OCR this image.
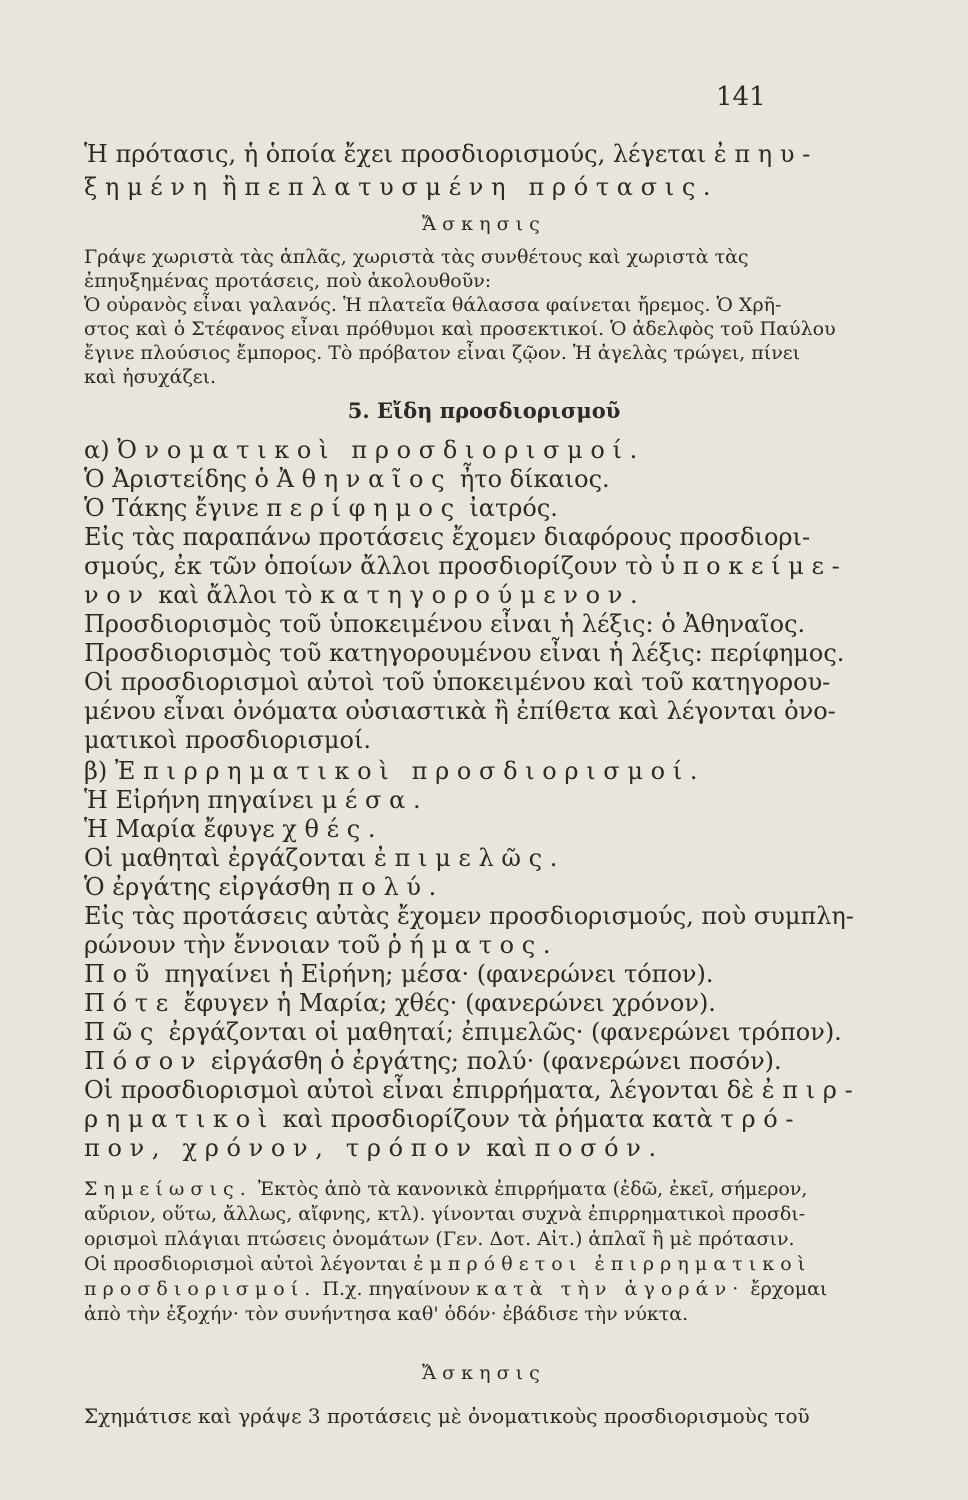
141
Ἡ πρότασις, ἡ ὁποία ἔχει προσδιορισμούς, λέγεται ἐπηυ-
ξημένη ἢ πεπλατυσμένη πρότασις.
Ἄσκησις
Γράψε χωριστὰ τὰς ἁπλᾶς, χωριστὰ τὰς συνθέτους καὶ χωριστὰ τὰς
ἐπηυξημένας προτάσεις, ποὺ ἀκολουθοῦν:
Ὁ οὐρανὸς εἶναι γαλανός. Ἡ πλατεῖα θάλασσα φαίνεται ἤρεμος. Ὁ Χρῆ-
στος καὶ ὁ Στέφανος εἶναι πρόθυμοι καὶ προσεκτικοί. Ὁ ἀδελφὸς τοῦ Παύλου
ἔγινε πλούσιος ἔμπορος. Τὸ πρόβατον εἶναι ζῷον. Ἡ ἀγελὰς τρώγει, πίνει
καὶ ἡσυχάζει.
5. Εἴδη προσδιορισμοῦ
α) Ὀνοματικοὶ προσδιορισμοί.
Ὁ Ἀριστείδης ὁ Ἀθηναῖος ἦτο δίκαιος.
Ὁ Τάκης ἔγινε περίφημος ἰατρός.
Εἰς τὰς παραπάνω προτάσεις ἔχομεν διαφόρους προσδιορι-
σμούς, ἐκ τῶν ὁποίων ἄλλοι προσδιορίζουν τὸ ὑποκείμε-
νον καὶ ἄλλοι τὸ κατηγορούμενον.
Προσδιορισμὸς τοῦ ὑποκειμένου εἶναι ἡ λέξις: ὁ Ἀθηναῖος.
Προσδιορισμὸς τοῦ κατηγορουμένου εἶναι ἡ λέξις: περίφημος.
Οἱ προσδιορισμοὶ αὐτοὶ τοῦ ὑποκειμένου καὶ τοῦ κατηγορου-
μένου εἶναι ὀνόματα οὐσιαστικὰ ἢ ἐπίθετα καὶ λέγονται ὀνο-
ματικοὶ προσδιορισμοί.
β) Ἐπιρρηματικοὶ προσδιορισμοί.
Ἡ Εἰρήνη πηγαίνει μέσα.
Ἡ Μαρία ἔφυγε χθές.
Οἱ μαθηταὶ ἐργάζονται ἐπιμελῶς.
Ὁ ἐργάτης εἰργάσθη πολύ.
Εἰς τὰς προτάσεις αὐτὰς ἔχομεν προσδιορισμούς, ποὺ συμπλη-
ρώνουν τὴν ἔννοιαν τοῦ ῥήματος.
Ποῦ πηγαίνει ἡ Εἰρήνη; μέσα· (φανερώνει τόπον).
Πότε ἔφυγεν ἡ Μαρία; χθές· (φανερώνει χρόνον).
Πῶς ἐργάζονται οἱ μαθηταί; ἐπιμελῶς· (φανερώνει τρόπον).
Πόσον εἰργάσθη ὁ ἐργάτης; πολύ· (φανερώνει ποσόν).
Οἱ προσδιορισμοὶ αὐτοὶ εἶναι ἐπιρρήματα, λέγονται δὲ ἐπιρ-
ρηματικοὶ καὶ προσδιορίζουν τὰ ῥήματα κατὰ τρό-
πον, χρόνον, τρόπον καὶ ποσόν.
Σημείωσις. Ἐκτὸς ἀπὸ τὰ κανονικὰ ἐπιρρήματα (ἐδῶ, ἐκεῖ, σήμερον,
αὔριον, οὕτω, ἄλλως, αἴφνης, κτλ). γίνονται συχνὰ ἐπιρρηματικοὶ προσδι-
ορισμοὶ πλάγιαι πτώσεις ὀνομάτων (Γεν. Δοτ. Αἰτ.) ἁπλαῖ ἢ μὲ πρότασιν.
Οἱ προσδιορισμοὶ αὐτοὶ λέγονται ἐμπρόθετοι ἐπιρρηματικοὶ
προσδιορισμοί. Π.χ. πηγαίνουν κατὰ τὴν ἀγοράν· ἔρχομαι
ἀπὸ τὴν ἐξοχήν· τὸν συνήντησα καθ' ὁδόν· ἐβάδισε τὴν νύκτα.
Ἄσκησις
Σχημάτισε καὶ γράψε 3 προτάσεις μὲ ὀνοματικοὺς προσδιορισμοὺς τοῦ
